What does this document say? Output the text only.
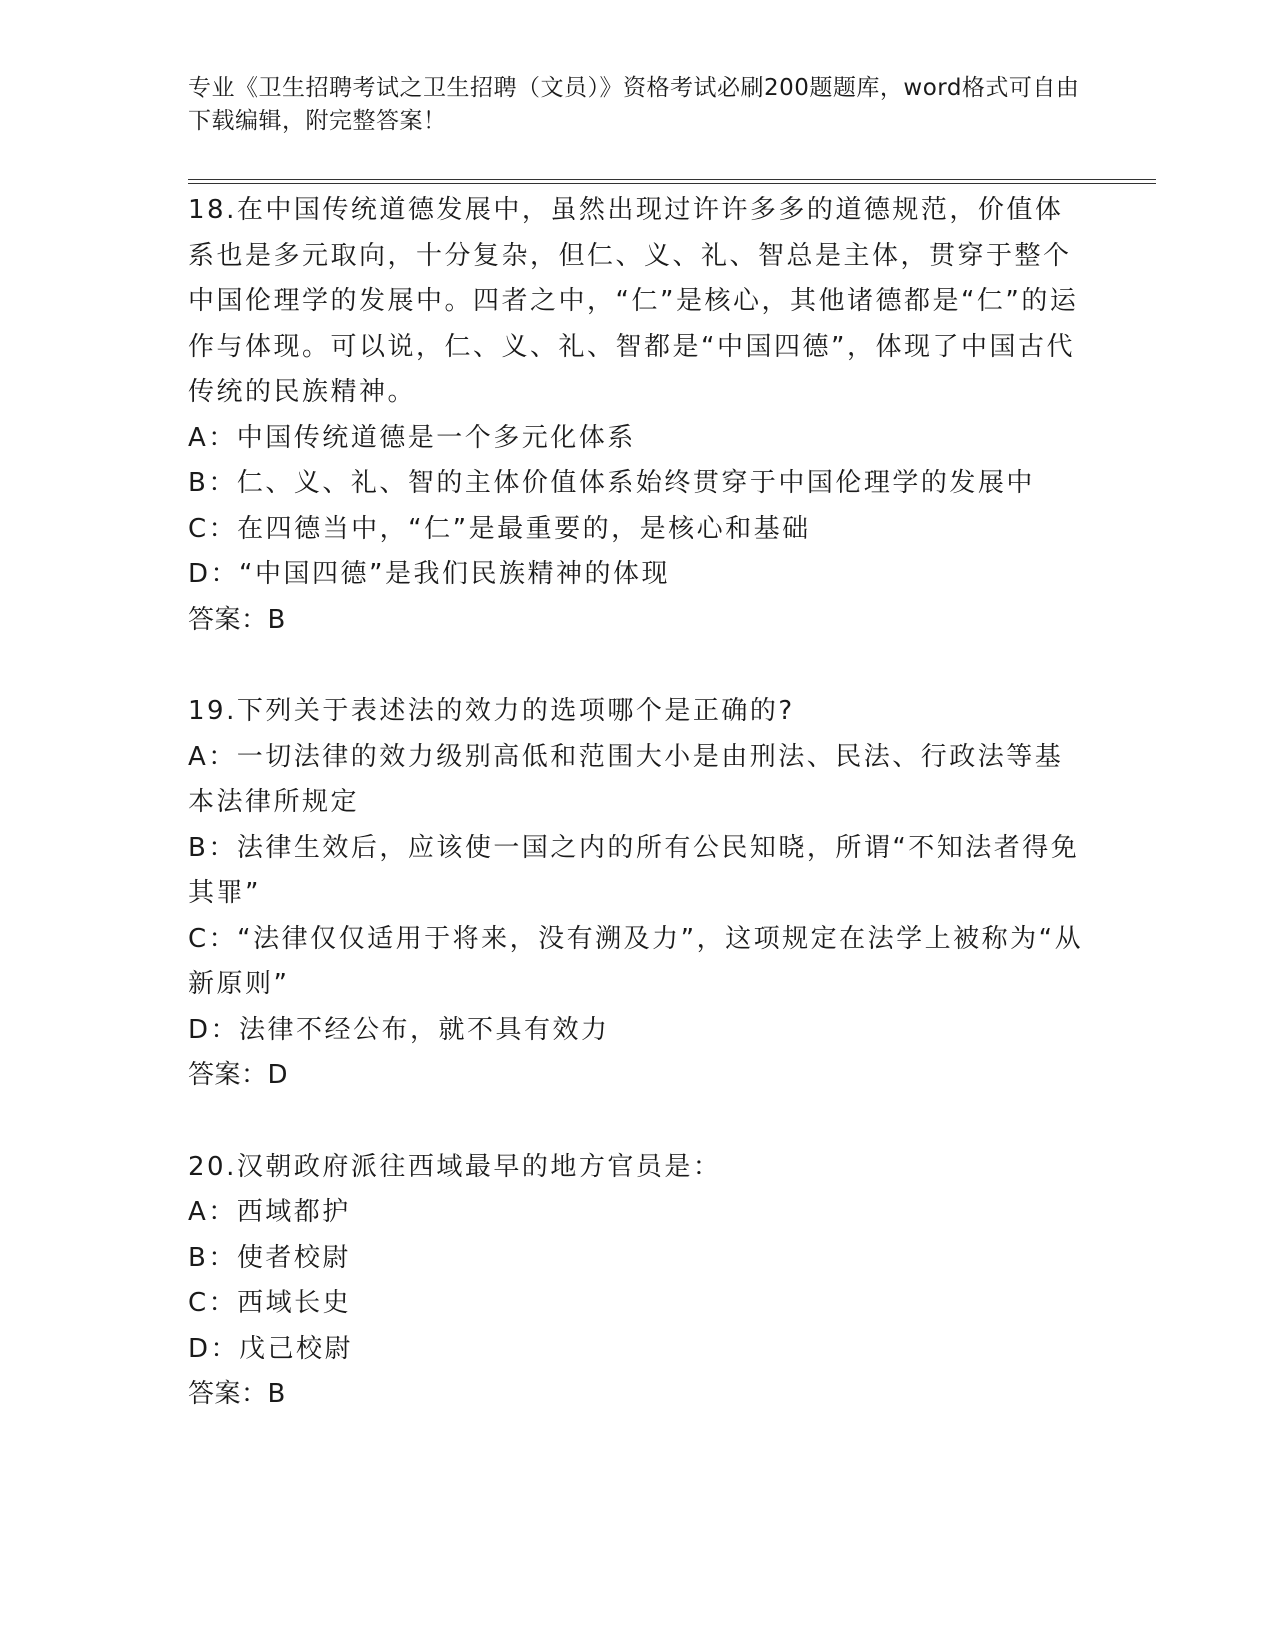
专业《卫生招聘考试之卫生招聘（文员）》资格考试必刷200题题库，word格式可自由下载编辑，附完整答案！

18.在中国传统道德发展中，虽然出现过许许多多的道德规范，价值体系也是多元取向，十分复杂，但仁、义、礼、智总是主体，贯穿于整个中国伦理学的发展中。四者之中，“仁”是核心，其他诸德都是“仁”的运作与体现。可以说，仁、义、礼、智都是“中国四德”，体现了中国古代传统的民族精神。

A：中国传统道德是一个多元化体系

B：仁、义、礼、智的主体价值体系始终贯穿于中国伦理学的发展中

C：在四德当中，“仁”是最重要的，是核心和基础

D：“中国四德”是我们民族精神的体现

答案：B

19.下列关于表述法的效力的选项哪个是正确的?

A：一切法律的效力级别高低和范围大小是由刑法、民法、行政法等基本法律所规定

B：法律生效后，应该使一国之内的所有公民知晓，所谓“不知法者得免其罪”

C：“法律仅仅适用于将来，没有溯及力”，这项规定在法学上被称为“从新原则”

D：法律不经公布，就不具有效力

答案：D

20.汉朝政府派往西域最早的地方官员是：

A：西域都护

B：使者校尉

C：西域长史

D：戊己校尉

答案：B
